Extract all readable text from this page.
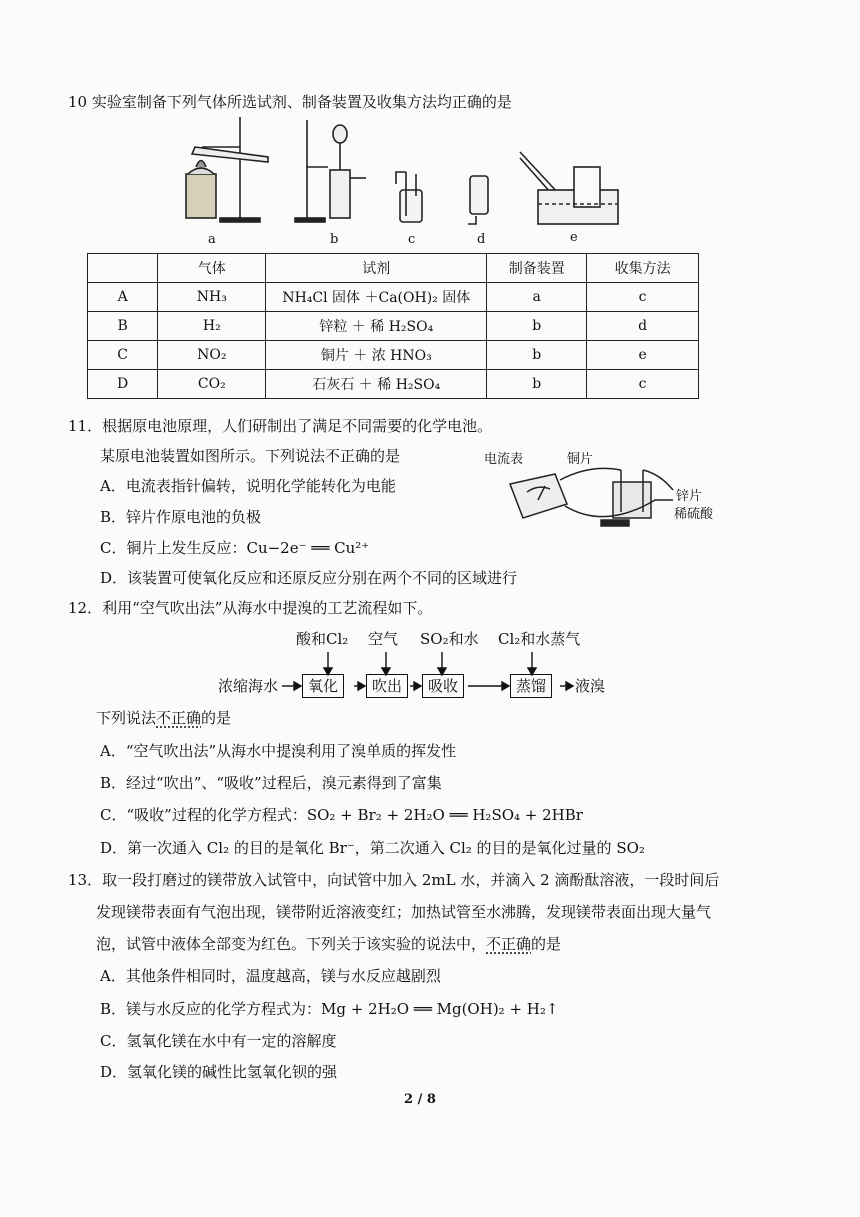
10 实验室制备下列气体所选试剂、制备装置及收集方法均正确的是
a	b	c	d	e
	气体	试剂	制备装置	收集方法
A	NH₃	NH₄Cl 固体 ＋Ca(OH)₂ 固体	a	c
B	H₂	锌粒 ＋ 稀 H₂SO₄	b	d
C	NO₂	铜片 ＋ 浓 HNO₃	b	e
D	CO₂	石灰石 ＋ 稀 H₂SO₄	b	c
11．根据原电池原理，人们研制出了满足不同需要的化学电池。
某原电池装置如图所示。下列说法不正确的是
A．电流表指针偏转，说明化学能转化为电能
B．锌片作原电池的负极
C．铜片上发生反应：Cu−2e⁻ ══ Cu²⁺
D．该装置可使氧化反应和还原反应分别在两个不同的区域进行
电流表	铜片
锌片
稀硫酸
12．利用“空气吹出法”从海水中提溴的工艺流程如下。
酸和Cl₂ 空气 SO₂和水 Cl₂和水蒸气
浓缩海水	氧化	吹出	吸收	蒸馏	液溴
下列说法不正确的是
A．“空气吹出法”从海水中提溴利用了溴单质的挥发性
B．经过“吹出”、“吸收”过程后，溴元素得到了富集
C．“吸收”过程的化学方程式：SO₂ + Br₂ + 2H₂O ══ H₂SO₄ + 2HBr
D．第一次通入 Cl₂ 的目的是氧化 Br⁻，第二次通入 Cl₂ 的目的是氧化过量的 SO₂
13．取一段打磨过的镁带放入试管中，向试管中加入 2mL 水，并滴入 2 滴酚酞溶液，一段时间后
发现镁带表面有气泡出现，镁带附近溶液变红；加热试管至水沸腾，发现镁带表面出现大量气
泡，试管中液体全部变为红色。下列关于该实验的说法中，不正确的是
A．其他条件相同时，温度越高，镁与水反应越剧烈
B．镁与水反应的化学方程式为：Mg + 2H₂O ══ Mg(OH)₂ + H₂↑
C．氢氧化镁在水中有一定的溶解度
D．氢氧化镁的碱性比氢氧化钡的强
2 / 8
